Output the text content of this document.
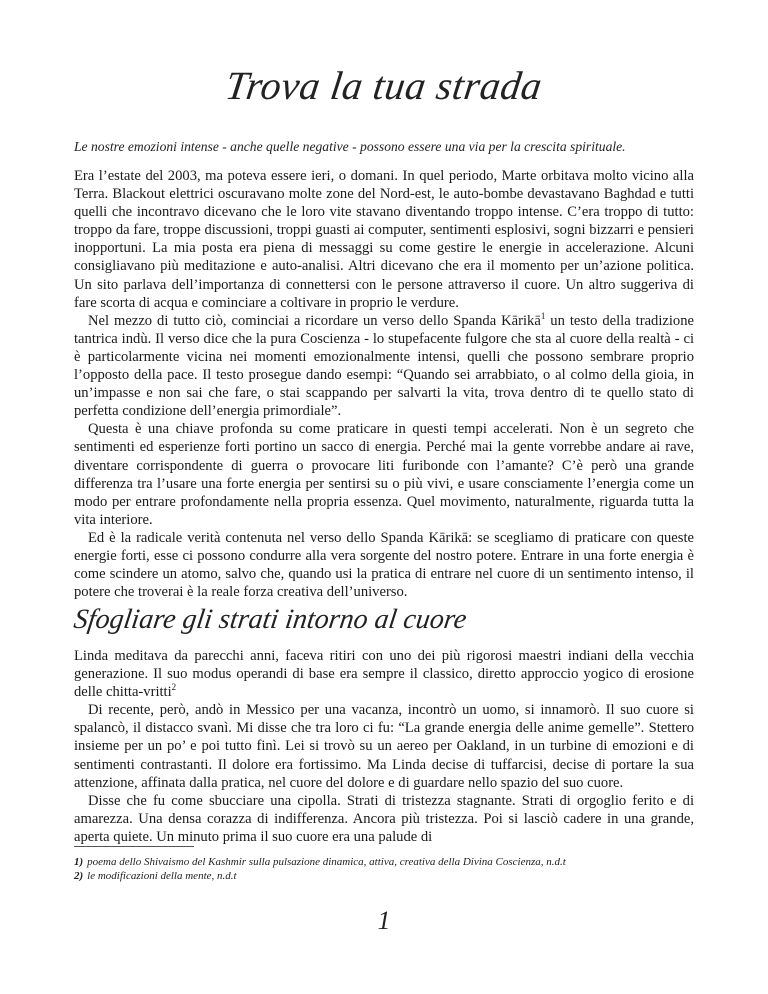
Trova la tua strada
Le nostre emozioni intense - anche quelle negative - possono essere una via per la crescita spirituale.

Era l’estate del 2003, ma poteva essere ieri, o domani. In quel periodo, Marte orbitava molto vicino alla Terra. Blackout elettrici oscuravano molte zone del Nord-est, le auto-bombe devastavano Baghdad e tutti quelli che incontravo dicevano che le loro vite stavano diventando troppo intense. C’era troppo di tutto: troppo da fare, troppe discussioni, troppi guasti ai computer, sentimenti esplosivi, sogni bizzarri e pensieri inopportuni. La mia posta era piena di messaggi su come gestire le energie in accelerazione. Alcuni consigliavano più meditazione e auto-analisi. Altri dicevano che era il momento per un’azione politica. Un sito parlava dell’importanza di connettersi con le persone attraverso il cuore. Un altro suggeriva di fare scorta di acqua e cominciare a coltivare in proprio le verdure.

Nel mezzo di tutto ciò, cominciai a ricordare un verso dello Spanda Kārikā$^1$ un testo della tradizione tantrica indù. Il verso dice che la pura Coscienza - lo stupefacente fulgore che sta al cuore della realtà - ci è particolarmente vicina nei momenti emozionalmente intensi, quelli che possono sembrare proprio l’opposto della pace. Il testo prosegue dando esempi: “Quando sei arrabbiato, o al colmo della gioia, in un’impasse e non sai che fare, o stai scappando per salvarti la vita, trova dentro di te quello stato di perfetta condizione dell’energia primordiale”.

Questa è una chiave profonda su come praticare in questi tempi accelerati. Non è un segreto che sentimenti ed esperienze forti portino un sacco di energia. Perché mai la gente vorrebbe andare ai rave, diventare corrispondente di guerra o provocare liti furibonde con l’amante? C’è però una grande differenza tra l’usare una forte energia per sentirsi su o più vivi, e usare consciamente l’energia come un modo per entrare profondamente nella propria essenza. Quel movimento, naturalmente, riguarda tutta la vita interiore.

Ed è la radicale verità contenuta nel verso dello Spanda Kārikā: se scegliamo di praticare con queste energie forti, esse ci possono condurre alla vera sorgente del nostro potere. Entrare in una forte energia è come scindere un atomo, salvo che, quando usi la pratica di entrare nel cuore di un sentimento intenso, il potere che troverai è la reale forza creativa dell’universo.

Sfogliare gli strati intorno al cuore

Linda meditava da parecchi anni, faceva ritiri con uno dei più rigorosi maestri indiani della vecchia generazione. Il suo modus operandi di base era sempre il classico, diretto approccio yogico di erosione delle chitta-vritti$^2$

Di recente, però, andò in Messico per una vacanza, incontrò un uomo, si innamorò. Il suo cuore si spalancò, il distacco svanì. Mi disse che tra loro ci fu: “La grande energia delle anime gemelle”. Stettero insieme per un po’ e poi tutto finì. Lei si trovò su un aereo per Oakland, in un turbine di emozioni e di sentimenti contrastanti. Il dolore era fortissimo. Ma Linda decise di tuffarcisi, decise di portare la sua attenzione, affinata dalla pratica, nel cuore del dolore e di guardare nello spazio del suo cuore.

Disse che fu come sbucciare una cipolla. Strati di tristezza stagnante. Strati di orgoglio ferito e di amarezza. Una densa corazza di indifferenza. Ancora più tristezza. Poi si lasciò cadere in una grande, aperta quiete. Un minuto prima il suo cuore era una palude di

1) poema dello Shivaismo del Kashmir sulla pulsazione dinamica, attiva, creativa della Divina Coscienza, n.d.t
2) le modificazioni della mente, n.d.t
1
